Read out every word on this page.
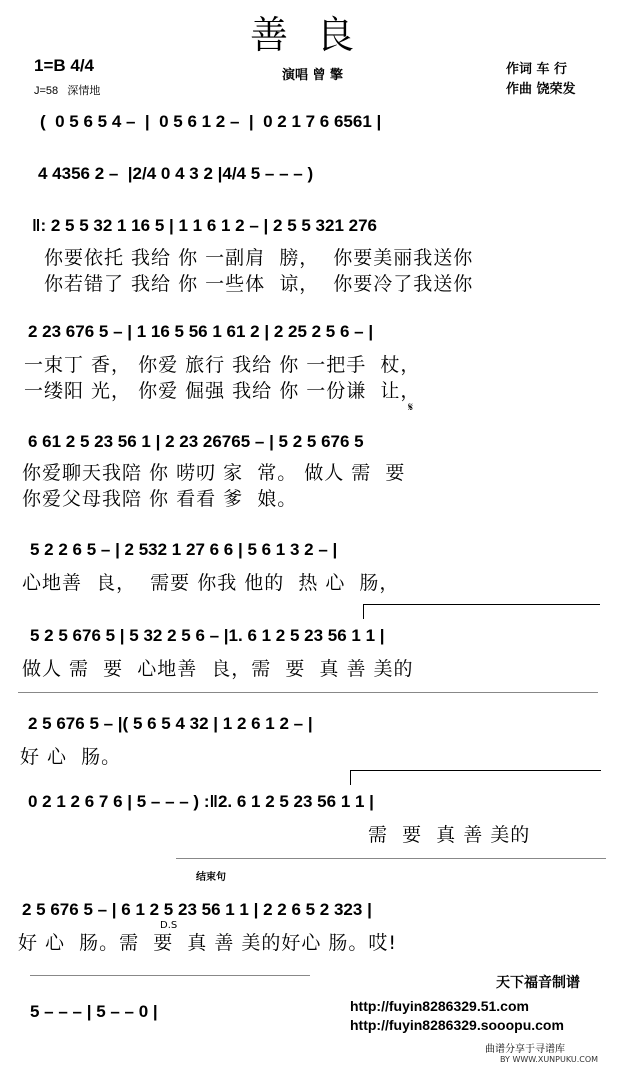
善良
1=B 4/4
J=58 深情地
演唱 曾 擎	作词 车 行
作曲 饶荣发
(  0 5 6 5 4 –  |  0 5 6 1 2 –  |  0 2 1 7 6 6561 |
4 4356 2 –  |2/4 0 4 3 2 |4/4 5 – – – )
‖: 2 5 5 32 1 16 5 | 1 1 6 1 2 – | 2 5 5 321 276
你要依托 我给 你 一副肩  膀，  你要美丽我送你
你若错了 我给 你 一些体  谅，  你要冷了我送你
2 23 676 5 – | 1 16 5 56 1 61 2 | 2 25 2 5 6 – |
一束丁 香， 你爱 旅行 我给 你 一把手  杖，
一缕阳 光， 你爱 倔强 我给 你 一份谦  让，
𝄋
6 61 2 5 23 56 1 | 2 23 26765 – | 5 2 5 676 5
你爱聊天我陪 你 唠叨 家  常。 做人 需  要
你爱父母我陪 你 看看 爹  娘。
5 2 2 6 5 – | 2 532 1 27 6 6 | 5 6 1 3 2 – |
心地善  良，  需要 你我 他的  热 心  肠，
5 2 5 676 5 | 5 32 2 5 6 – |1. 6 1 2 5 23 56 1 1 |
做人 需  要  心地善  良，需  要  真 善 美的
2 5 676 5 – |( 5 6 5 4 32 | 1 2 6 1 2 – |
好 心  肠。
0 2 1 2 6 7 6 | 5 – – – ) :‖2. 6 1 2 5 23 56 1 1 |
需  要  真 善 美的
结束句
2 5 676 5 – | 6 1 2 5 23 56 1 1 | 2 2 6 5 2 323 |
好 心  肠。需  要  真 善 美的好心 肠。哎!
D.S
5 – – – | 5 – – 0 |
天下福音制谱
http://fuyin8286329.51.com
http://fuyin8286329.sooopu.com
曲谱分享于寻谱库
BY WWW.XUNPUKU.COM
